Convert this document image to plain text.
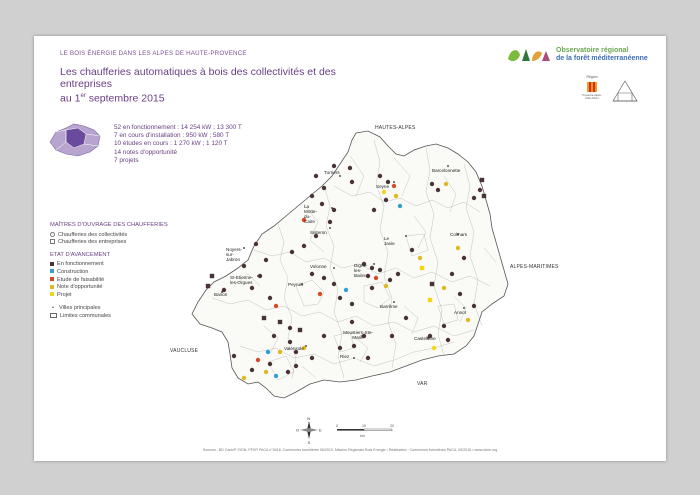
LE BOIS ÉNERGIE DANS LES ALPES DE HAUTE-PROVENCE
Les chaufferies automatiques à bois des collectivités et des entreprises
au 1er septembre 2015
Observatoire régional
de la forêt méditerranéenne
Région
Provence-Alpes-Côte d'Azur
52 en fonctionnement : 14 254 kW ; 13 300 T
7 en cours d'installation : 950 kW ; 580 T
10 études en cours : 1 270 kW ; 1 120 T
14 notes d'opportunité
7 projets
MAÎTRES D'OUVRAGE DES CHAUFFERIES
Chaufferies des collectivités
Chaufferies des entreprises
ETAT D'AVANCEMENT
En fonctionnement
Construction
Etude de faisabilité
Note d'opportunité
Projet
• Villes principales
Limites communales
HAUTES-ALPES
ALPES-MARITIMES
VAUCLUSE
VAR
Turriers
Seyne
Barcelonnette
La Motte-du-Caire
Sisteron
Le Javie
Colmars
Noyers-sur-Jabron
Volonne	Digne-les-Bains
St-Etienne-les-Orgues	Peyruis
Banon
Barrême
Annot
Moustiers-Ste-Marie	Castellane
Valensole
Riez
N
S
E
O
0	10	20
km
Sources : BD Carto® ©IGN, PFKR PACA n°8416, Communes forestières 06/2015, Mission Régionale Bois Energie • Réalisation : Communes forestières PACA, 09/2015 • www.ofme.org
